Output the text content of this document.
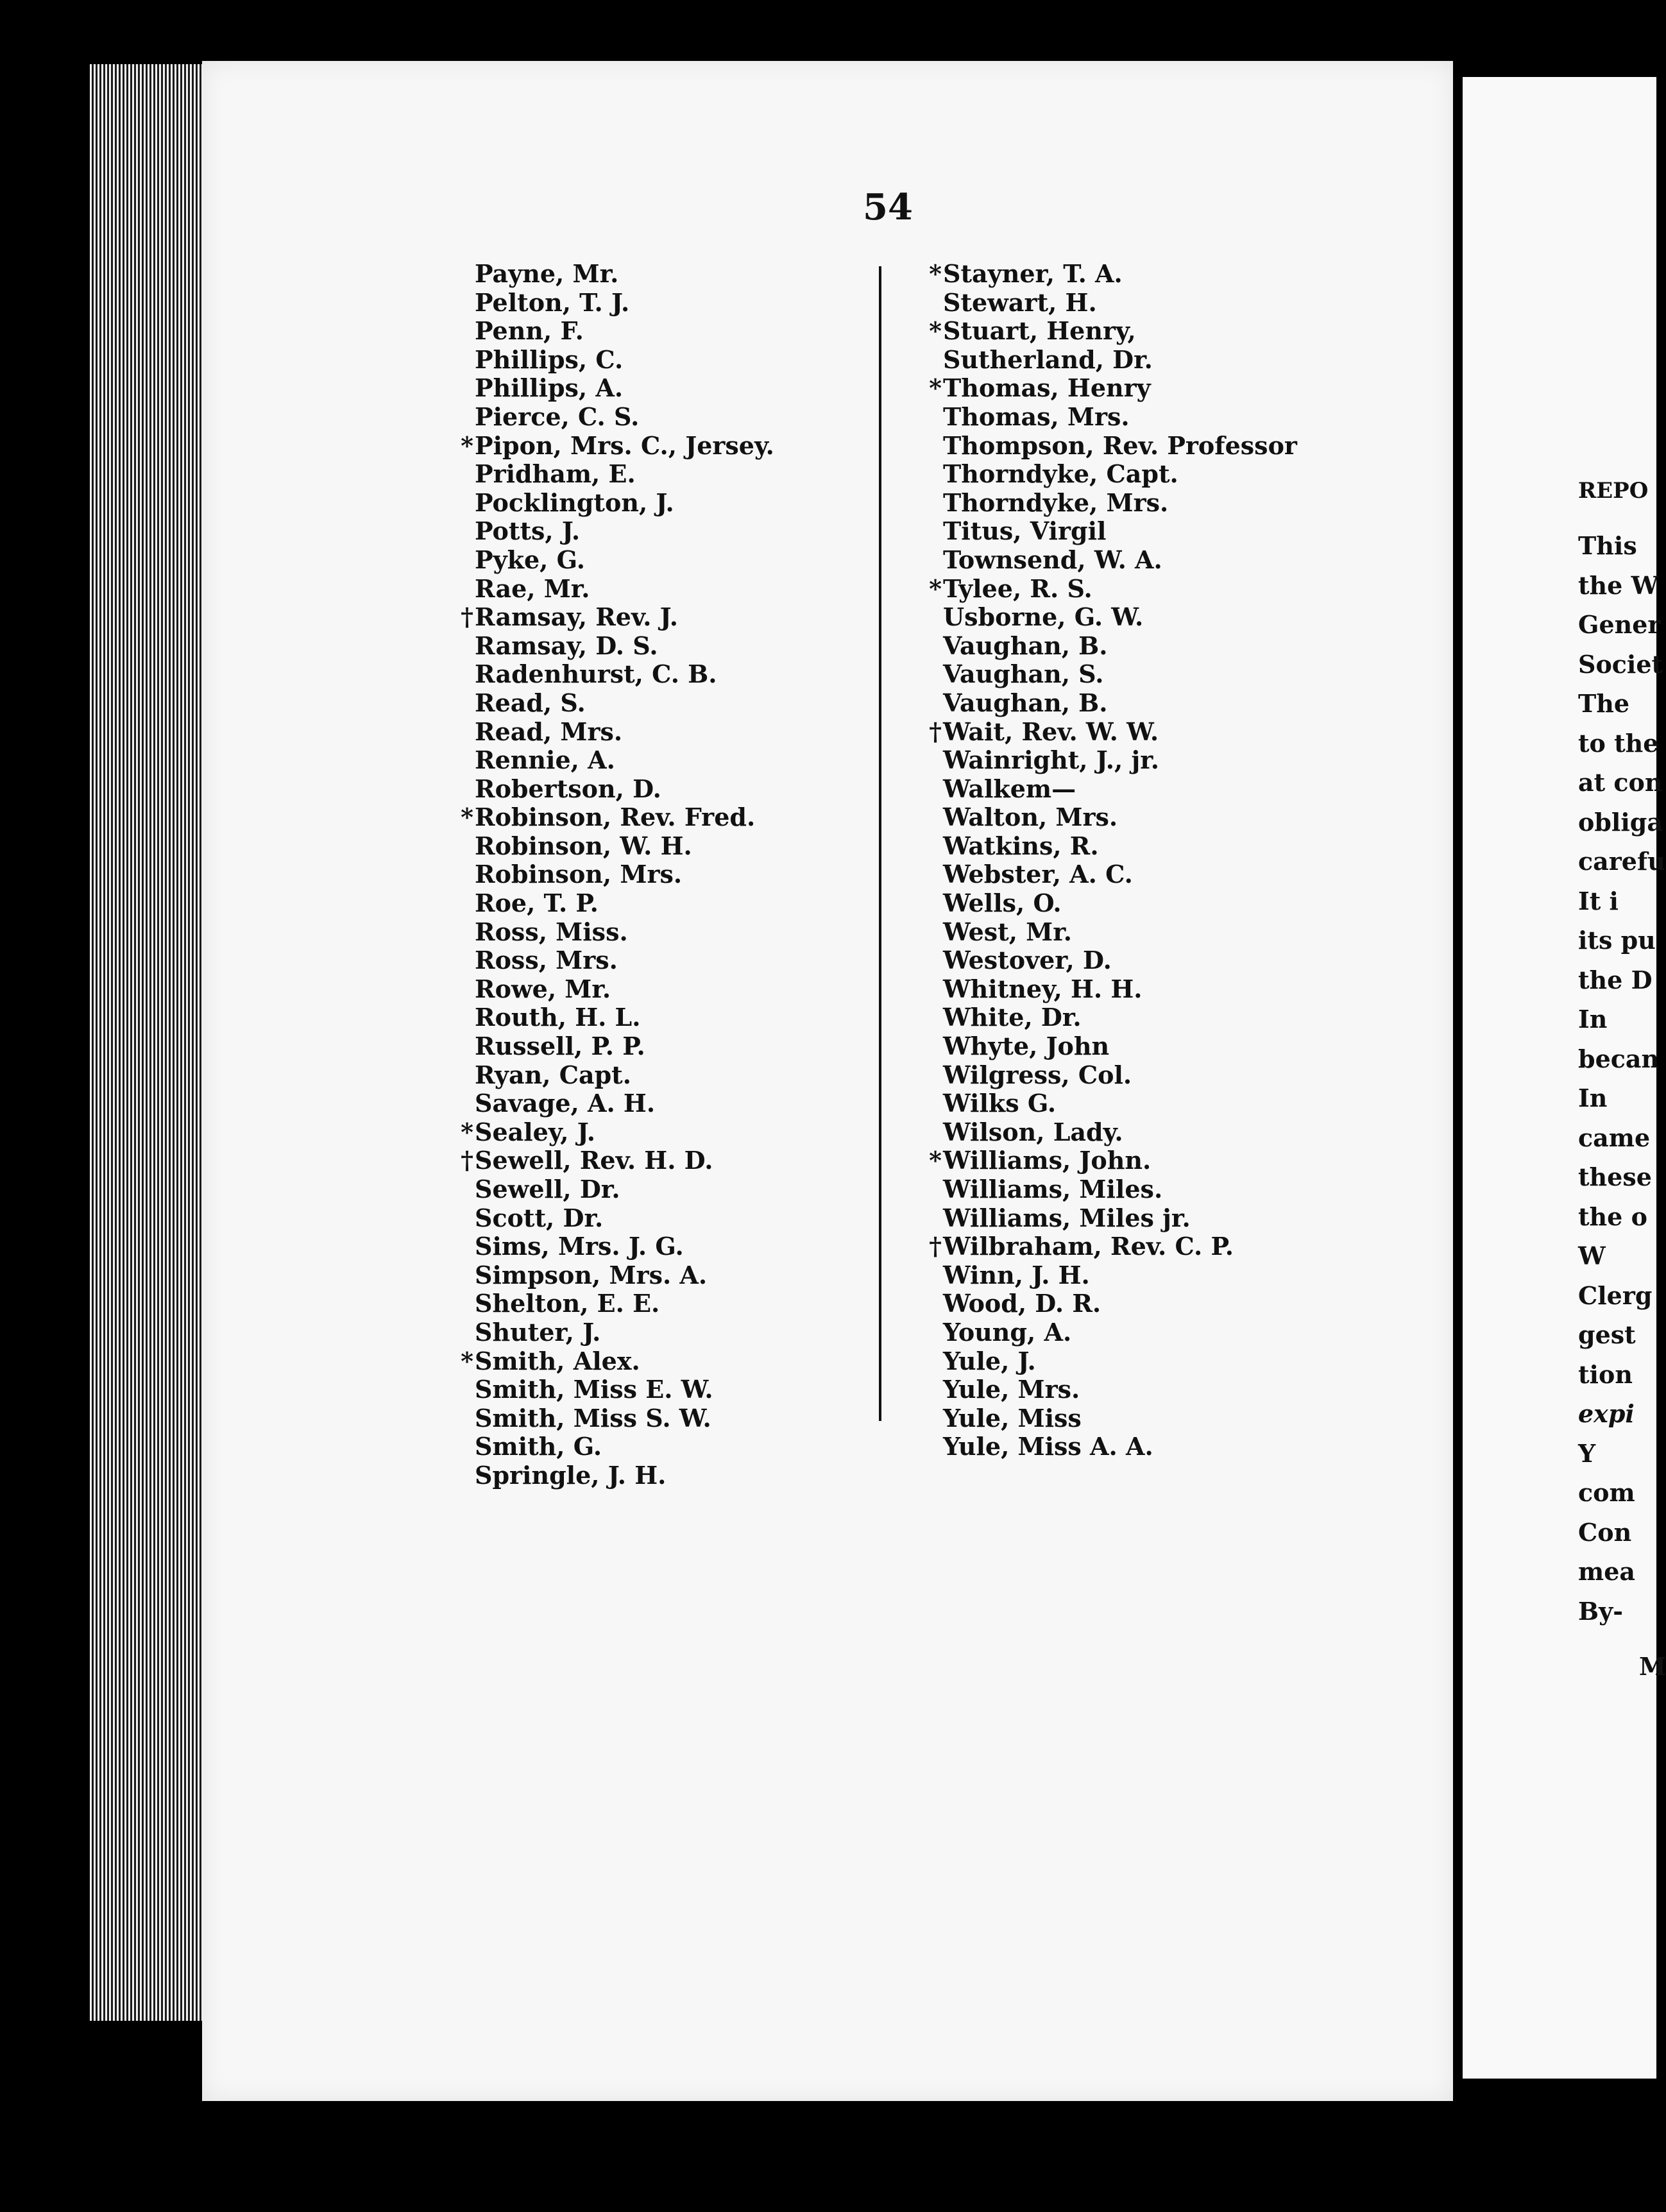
54
Payne, Mr.
Pelton, T. J.
Penn, F.
Phillips, C.
Phillips, A.
Pierce, C. S.
* Pipon, Mrs. C., Jersey.
Pridham, E.
Pocklington, J.
Potts, J.
Pyke, G.
Rae, Mr.
† Ramsay, Rev. J.
Ramsay, D. S.
Radenhurst, C. B.
Read, S.
Read, Mrs.
Rennie, A.
Robertson, D.
* Robinson, Rev. Fred.
Robinson, W. H.
Robinson, Mrs.
Roe, T. P.
Ross, Miss.
Ross, Mrs.
Rowe, Mr.
Routh, H. L.
Russell, P. P.
Ryan, Capt.
Savage, A. H.
* Sealey, J.
† Sewell, Rev. H. D.
Sewell, Dr.
Scott, Dr.
Sims, Mrs. J. G.
Simpson, Mrs. A.
Shelton, E. E.
Shuter, J.
* Smith, Alex.
Smith, Miss E. W.
Smith, Miss S. W.
Smith, G.
Springle, J. H.
* Stayner, T. A.
Stewart, H.
* Stuart, Henry,
Sutherland, Dr.
* Thomas, Henry
Thomas, Mrs.
Thompson, Rev. Professor
Thorndyke, Capt.
Thorndyke, Mrs.
Titus, Virgil
Townsend, W. A.
* Tylee, R. S.
Usborne, G. W.
Vaughan, B.
Vaughan, S.
Vaughan, B.
† Wait, Rev. W. W.
Wainright, J., jr.
Walkem—
Walton, Mrs.
Watkins, R.
Webster, A. C.
Wells, O.
West, Mr.
Westover, D.
Whitney, H. H.
White, Dr.
Whyte, John
Wilgress, Col.
Wilks G.
Wilson, Lady.
* Williams, John.
Williams, Miles.
Williams, Miles jr.
† Wilbraham, Rev. C. P.
Winn, J. H.
Wood, D. R.
Young, A.
Yule, J.
Yule, Mrs.
Yule, Miss
Yule, Miss A. A.
REPO
This
the W
Gener
Societ
The
to the
at con
obliga
carefu
It i
its pu
the D
In
becan
In
came
these
the o
W
Clerg
gest
tion
expi
Y
com
Con
mea
By-
M
